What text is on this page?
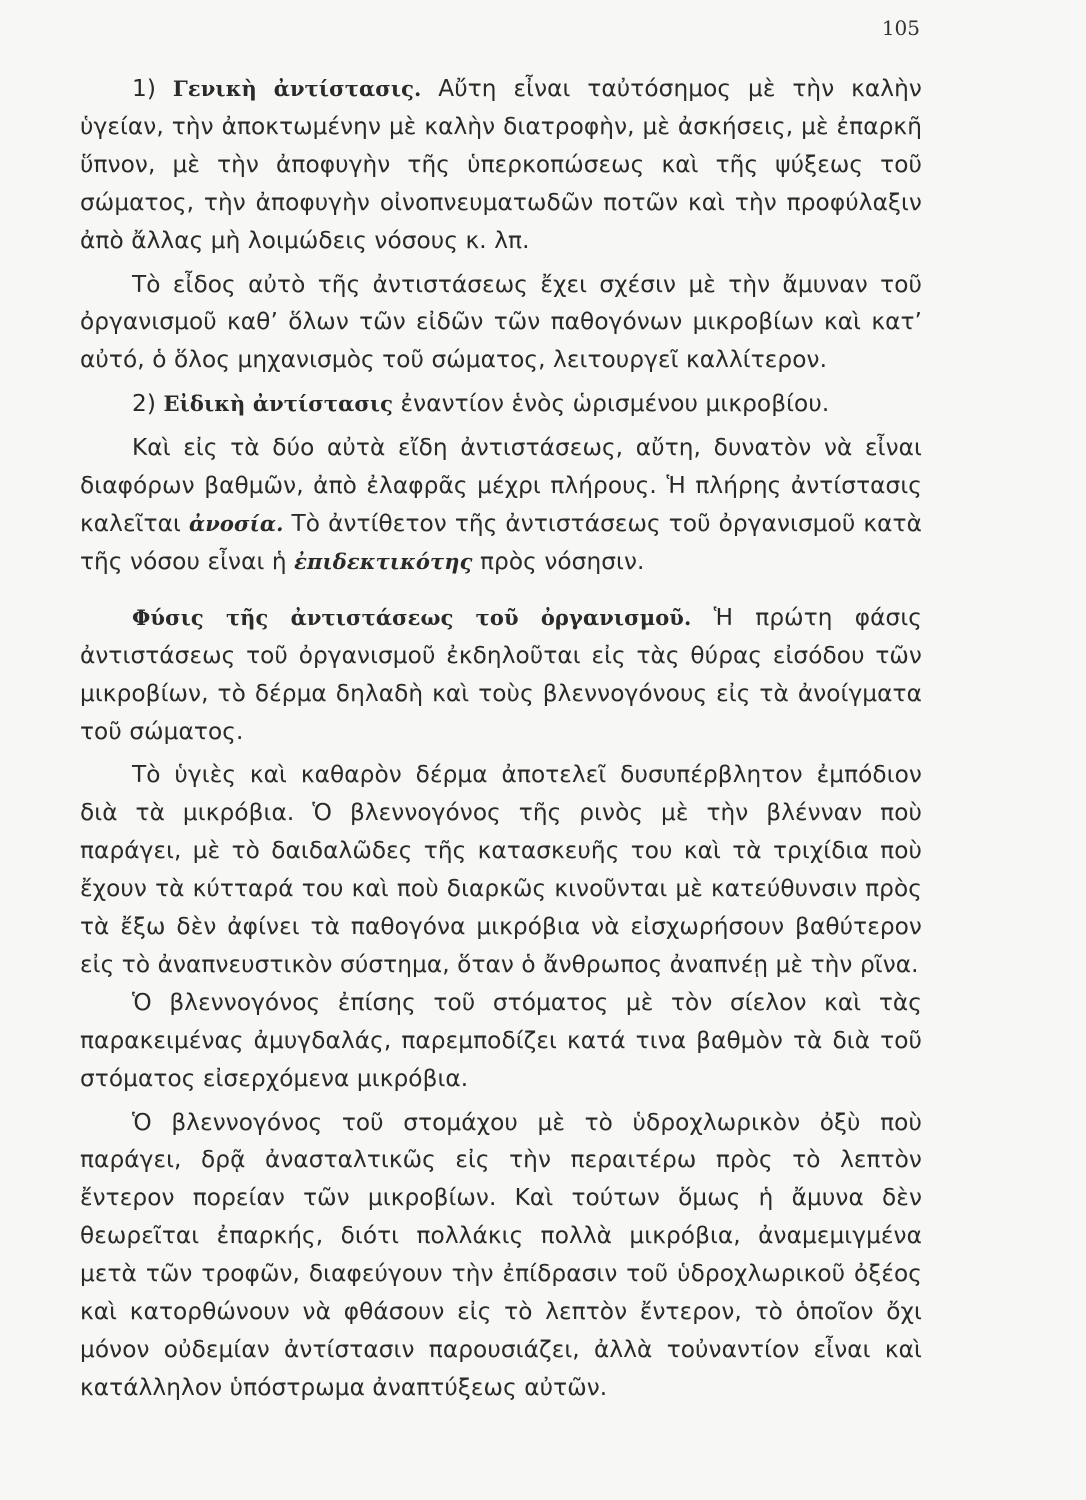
105

1) Γενικὴ ἀντίστασις. Αὔτη εἶναι ταὐτόσημος μὲ τὴν καλὴν ὑγείαν, τὴν ἀποκτωμένην μὲ καλὴν διατροφὴν, μὲ ἀσκήσεις, μὲ ἐπαρκῆ ὕπνον, μὲ τὴν ἀποφυγὴν τῆς ὑπερκοπώσεως καὶ τῆς ψύξεως τοῦ σώματος, τὴν ἀποφυγὴν οἰνοπνευματωδῶν ποτῶν καὶ τὴν προφύλαξιν ἀπὸ ἄλλας μὴ λοιμώδεις νόσους κ. λπ.

Τὸ εἶδος αὐτὸ τῆς ἀντιστάσεως ἔχει σχέσιν μὲ τὴν ἄμυναν τοῦ ὀργανισμοῦ καθ’ ὅλων τῶν εἰδῶν τῶν παθογόνων μικροβίων καὶ κατ’ αὐτό, ὁ ὅλος μηχανισμὸς τοῦ σώματος, λειτουργεῖ καλλίτερον.

2) Εἰδικὴ ἀντίστασις ἐναντίον ἑνὸς ὡρισμένου μικροβίου.

Καὶ εἰς τὰ δύο αὐτὰ εἴδη ἀντιστάσεως, αὔτη, δυνατὸν νὰ εἶναι διαφόρων βαθμῶν, ἀπὸ ἐλαφρᾶς μέχρι πλήρους. Ἡ πλήρης ἀντίστασις καλεῖται ἀνοσία. Τὸ ἀντίθετον τῆς ἀντιστάσεως τοῦ ὀργανισμοῦ κατὰ τῆς νόσου εἶναι ἡ ἐπιδεκτικότης πρὸς νόσησιν.

Φύσις τῆς ἀντιστάσεως τοῦ ὀργανισμοῦ. Ἡ πρώτη φάσις ἀντιστάσεως τοῦ ὀργανισμοῦ ἐκδηλοῦται εἰς τὰς θύρας εἰσόδου τῶν μικροβίων, τὸ δέρμα δηλαδὴ καὶ τοὺς βλεννογόνους εἰς τὰ ἀνοίγματα τοῦ σώματος.

Τὸ ὑγιὲς καὶ καθαρὸν δέρμα ἀποτελεῖ δυσυπέρβλητον ἐμπόδιον διὰ τὰ μικρόβια. Ὁ βλεννογόνος τῆς ρινὸς μὲ τὴν βλένναν ποὺ παράγει, μὲ τὸ δαιδαλῶδες τῆς κατασκευῆς του καὶ τὰ τριχίδια ποὺ ἔχουν τὰ κύτταρά του καὶ ποὺ διαρκῶς κινοῦνται μὲ κατεύθυνσιν πρὸς τὰ ἔξω δὲν ἀφίνει τὰ παθογόνα μικρόβια νὰ εἰσχωρήσουν βαθύτερον εἰς τὸ ἀναπνευστικὸν σύστημα, ὅταν ὁ ἄνθρωπος ἀναπνέῃ μὲ τὴν ρῖνα.

Ὁ βλεννογόνος ἐπίσης τοῦ στόματος μὲ τὸν σίελον καὶ τὰς παρακειμένας ἀμυγδαλάς, παρεμποδίζει κατά τινα βαθμὸν τὰ διὰ τοῦ στόματος εἰσερχόμενα μικρόβια.

Ὁ βλεννογόνος τοῦ στομάχου μὲ τὸ ὑδροχλωρικὸν ὀξὺ ποὺ παράγει, δρᾷ ἀνασταλτικῶς εἰς τὴν περαιτέρω πρὸς τὸ λεπτὸν ἔντερον πορείαν τῶν μικροβίων. Καὶ τούτων ὅμως ἡ ἄμυνα δὲν θεωρεῖται ἐπαρκής, διότι πολλάκις πολλὰ μικρόβια, ἀναμεμιγμένα μετὰ τῶν τροφῶν, διαφεύγουν τὴν ἐπίδρασιν τοῦ ὑδροχλωρικοῦ ὀξέος καὶ κατορθώνουν νὰ φθάσουν εἰς τὸ λεπτὸν ἔντερον, τὸ ὁποῖον ὄχι μόνον οὐδεμίαν ἀντίστασιν παρουσιάζει, ἀλλὰ τοὐναντίον εἶναι καὶ κατάλληλον ὑπόστρωμα ἀναπτύξεως αὐτῶν.
